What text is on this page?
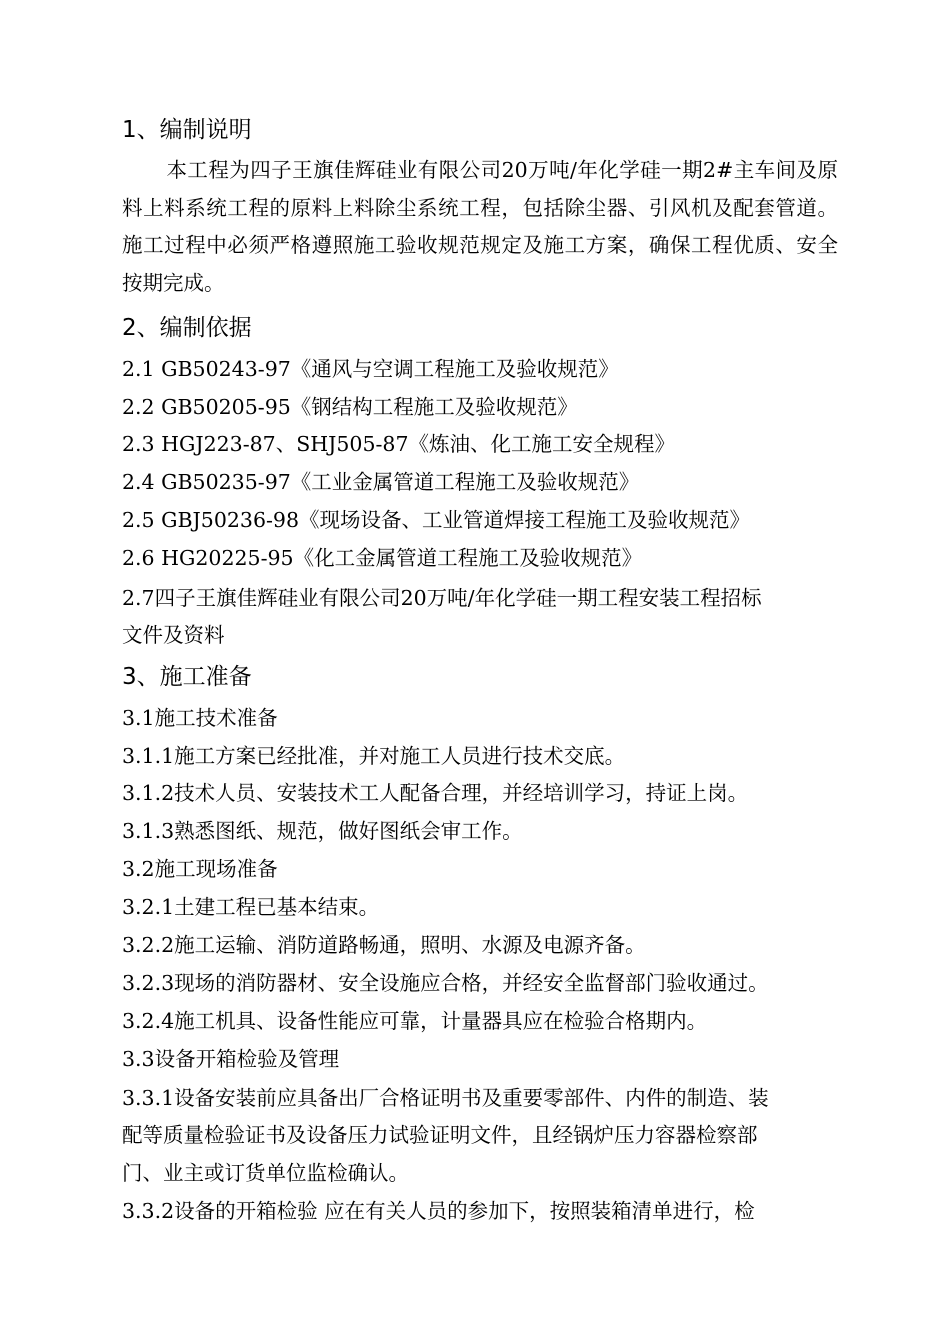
1、编制说明
本工程为四子王旗佳辉硅业有限公司20万吨/年化学硅一期2#主车间及原料上料系统工程的原料上料除尘系统工程，包括除尘器、引风机及配套管道。施工过程中必须严格遵照施工验收规范规定及施工方案，确保工程优质、安全按期完成。
2、编制依据
2.1 GB50243-97《通风与空调工程施工及验收规范》
2.2 GB50205-95《钢结构工程施工及验收规范》
2.3 HGJ223-87、SHJ505-87《炼油、化工施工安全规程》
2.4 GB50235-97《工业金属管道工程施工及验收规范》
2.5 GBJ50236-98《现场设备、工业管道焊接工程施工及验收规范》
2.6 HG20225-95《化工金属管道工程施工及验收规范》
2.7四子王旗佳辉硅业有限公司20万吨/年化学硅一期工程安装工程招标
文件及资料
3、施工准备
3.1施工技术准备
3.1.1施工方案已经批准，并对施工人员进行技术交底。
3.1.2技术人员、安装技术工人配备合理，并经培训学习，持证上岗。
3.1.3熟悉图纸、规范，做好图纸会审工作。
3.2施工现场准备
3.2.1土建工程已基本结束。
3.2.2施工运输、消防道路畅通，照明、水源及电源齐备。
3.2.3现场的消防器材、安全设施应合格，并经安全监督部门验收通过。
3.2.4施工机具、设备性能应可靠，计量器具应在检验合格期内。
3.3设备开箱检验及管理
3.3.1设备安装前应具备出厂合格证明书及重要零部件、内件的制造、装
配等质量检验证书及设备压力试验证明文件，且经锅炉压力容器检察部
门、业主或订货单位监检确认。
3.3.2设备的开箱检验 应在有关人员的参加下，按照装箱清单进行，检
